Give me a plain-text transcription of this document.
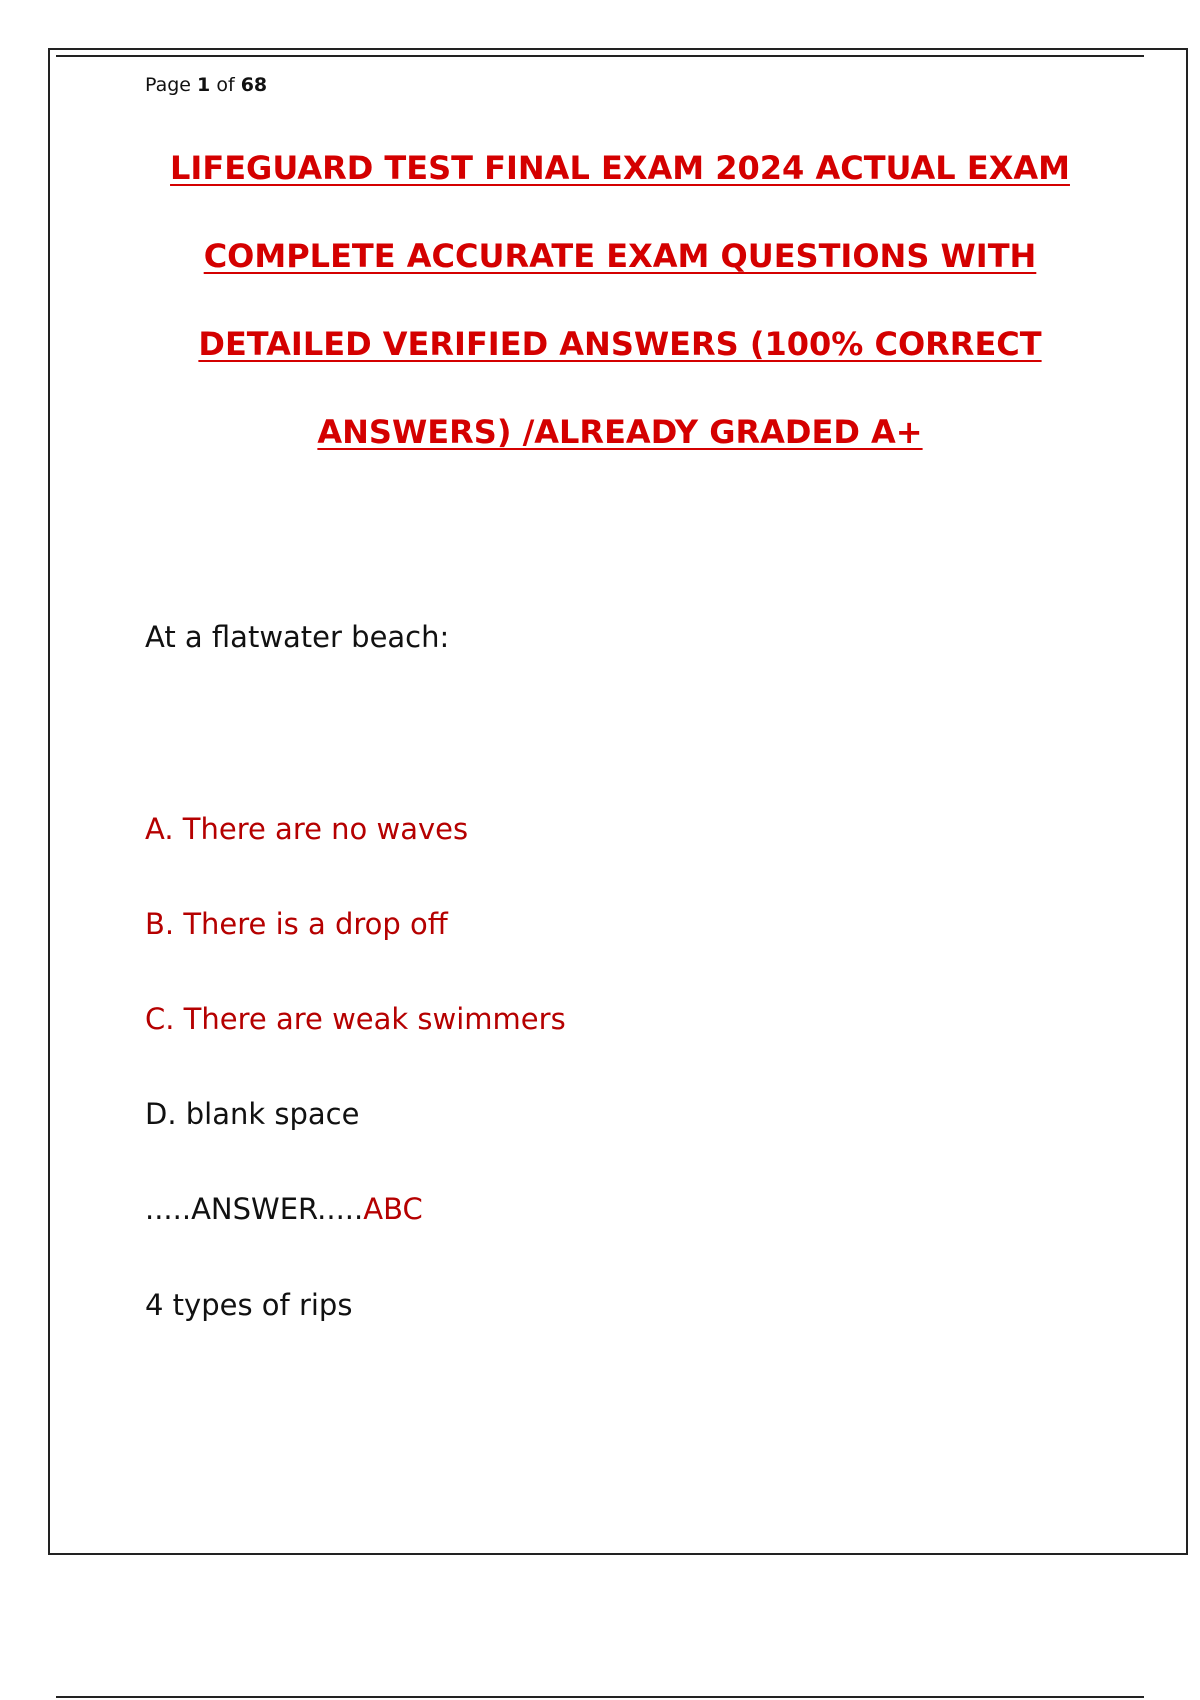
Page 1 of 68
LIFEGUARD TEST FINAL EXAM 2024 ACTUAL EXAM
COMPLETE ACCURATE EXAM QUESTIONS WITH
DETAILED VERIFIED ANSWERS (100% CORRECT
ANSWERS) /ALREADY GRADED A+
At a flatwater beach:
A. There are no waves
B. There is a drop off
C. There are weak swimmers
D. blank space
.....ANSWER.....ABC
4 types of rips
